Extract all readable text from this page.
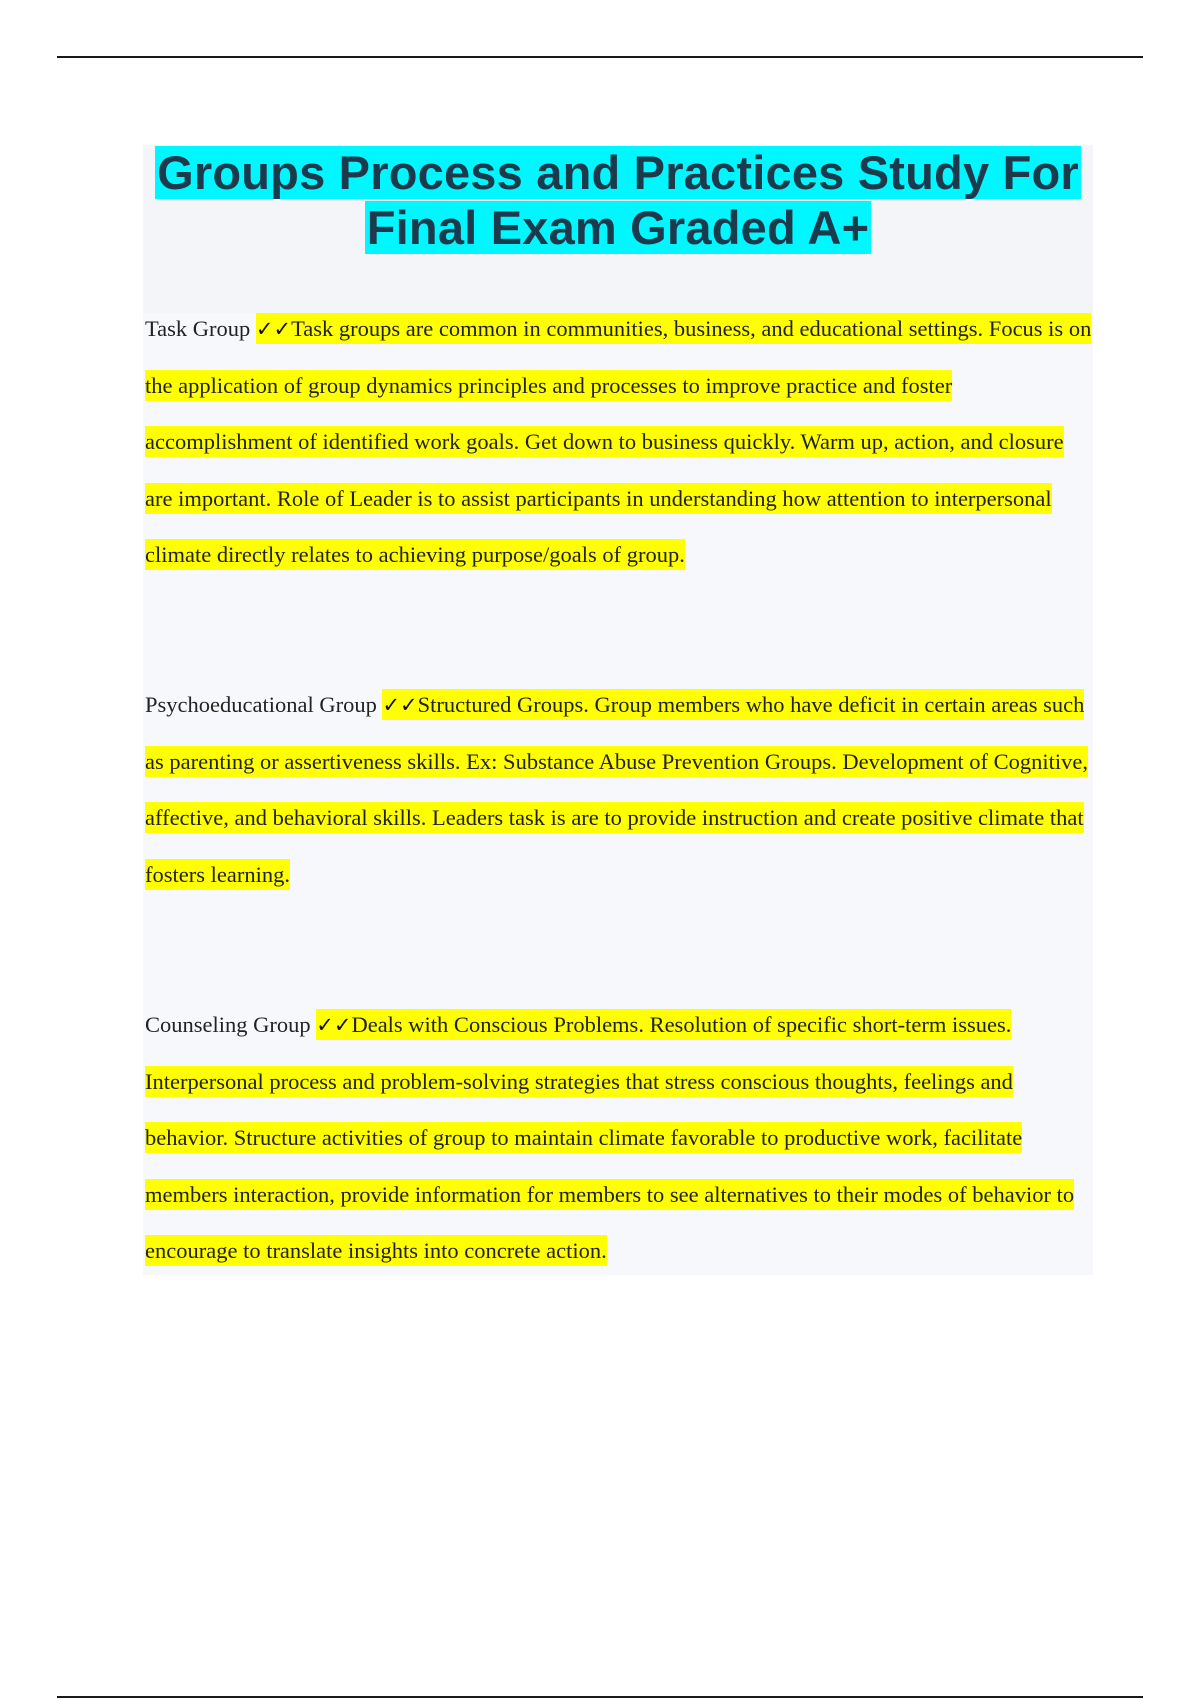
Groups Process and Practices Study For
Final Exam Graded A+
Task Group ✓✓Task groups are common in communities, business, and educational settings. Focus is on the application of group dynamics principles and processes to improve practice and foster accomplishment of identified work goals. Get down to business quickly. Warm up, action, and closure are important. Role of Leader is to assist participants in understanding how attention to interpersonal climate directly relates to achieving purpose/goals of group.
Psychoeducational Group ✓✓Structured Groups. Group members who have deficit in certain areas such as parenting or assertiveness skills. Ex: Substance Abuse Prevention Groups. Development of Cognitive, affective, and behavioral skills. Leaders task is are to provide instruction and create positive climate that fosters learning.
Counseling Group ✓✓Deals with Conscious Problems. Resolution of specific short-term issues. Interpersonal process and problem-solving strategies that stress conscious thoughts, feelings and behavior. Structure activities of group to maintain climate favorable to productive work, facilitate members interaction, provide information for members to see alternatives to their modes of behavior to encourage to translate insights into concrete action.
